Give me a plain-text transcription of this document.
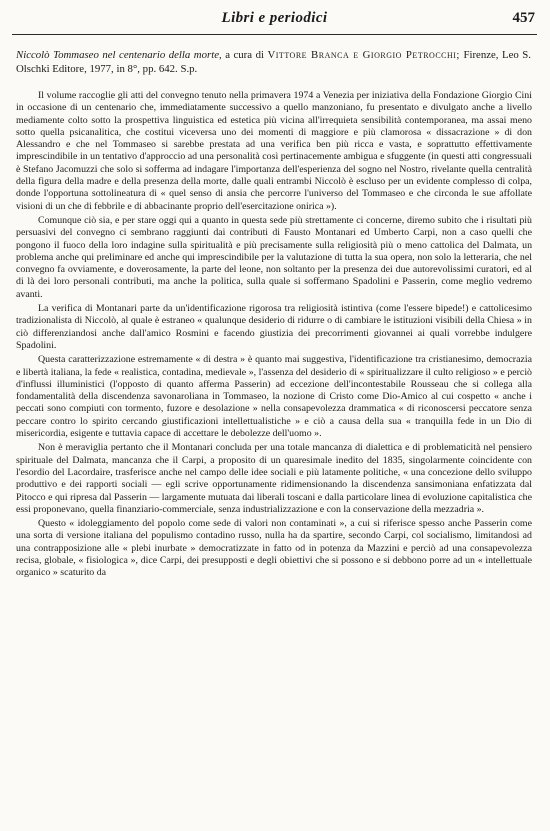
Libri e periodici	457
Niccolò Tommaseo nel centenario della morte, a cura di Vittore Branca e Giorgio Petrocchi; Firenze, Leo S. Olschki Editore, 1977, in 8°, pp. 642. S.p.

Il volume raccoglie gli atti del convegno tenuto nella primavera 1974 a Venezia per iniziativa della Fondazione Giorgio Cini in occasione di un centenario che, immediatamente successivo a quello manzoniano, fu presentato e divulgato anche a livello mediamente colto sotto la prospettiva linguistica ed estetica più vicina all'irrequieta sensibilità contemporanea, ma assai meno sotto quella psicanalitica, che costitui viceversa uno dei momenti di maggiore e più clamorosa « dissacrazione » di don Alessandro e che nel Tommaseo si sarebbe prestata ad una verifica ben più ricca e vasta, e soprattutto effettivamente imprescindibile in un tentativo d'approccio ad una personalità così pertinacemente ambigua e sfuggente (in questi atti congressuali è Stefano Jacomuzzi che solo si sofferma ad indagare l'importanza dell'esperienza del sogno nel Nostro, rivelante quella centralità della figura della madre e della presenza della morte, dalle quali entrambi Niccolò è escluso per un evidente complesso di colpa, donde l'opportuna sottolineatura di « quel senso di ansia che percorre l'universo del Tommaseo e che circonda le sue affollate visioni di un che di febbrile e di abbacinante proprio dell'esercitazione onirica »).

Comunque ciò sia, e per stare oggi qui a quanto in questa sede più strettamente ci concerne, diremo subito che i risultati più persuasivi del convegno ci sembrano raggiunti dai contributi di Fausto Montanari ed Umberto Carpi, non a caso quelli che pongono il fuoco della loro indagine sulla spiritualità e più precisamente sulla religiosità più o meno cattolica del Dalmata, un problema anche qui preliminare ed anche qui imprescindibile per la valutazione di tutta la sua opera, non solo la letteraria, che nel convegno fa ovviamente, e doverosamente, la parte del leone, non soltanto per la presenza dei due autorevolissimi curatori, ed al di là dei loro personali contributi, ma anche la politica, sulla quale si soffermano Spadolini e Passerin, come meglio vedremo avanti.

La verifica di Montanari parte da un'identificazione rigorosa tra religiosità istintiva (come l'essere bipede!) e cattolicesimo tradizionalista di Niccolò, al quale è estraneo « qualunque desiderio di ridurre o di cambiare le istituzioni visibili della Chiesa » in ciò differenziandosi anche dall'amico Rosmini e facendo giustizia dei precorrimenti giovannei ai quali vorrebbe indulgere Spadolini.

Questa caratterizzazione estremamente « di destra » è quanto mai suggestiva, l'identificazione tra cristianesimo, democrazia e libertà italiana, la fede « realistica, contadina, medievale », l'assenza del desiderio di « spiritualizzare il culto religioso » e perciò d'influssi illuministici (l'opposto di quanto afferma Passerin) ad eccezione dell'incontestabile Rousseau che si collega alla fondamentalità della discendenza savonaroliana in Tommaseo, la nozione di Cristo come Dio-Amico al cui cospetto « anche i peccati sono compiuti con tormento, fuzore e desolazione » nella consapevolezza drammatica « di riconoscersi peccatore senza peccare contro lo spirito cercando giustificazioni intellettualistiche » e ciò a causa della sua « tranquilla fede in un Dio di misericordia, esigente e tuttavia capace di accettare le debolezze dell'uomo ».

Non è meraviglia pertanto che il Montanari concluda per una totale mancanza di dialettica e di problematicità nel pensiero spirituale del Dalmata, mancanza che il Carpi, a proposito di un quaresimale inedito del 1835, singolarmente coincidente con l'esordio del Lacordaire, trasferisce anche nel campo delle idee sociali e più latamente politiche, « una concezione dello sviluppo produttivo e dei rapporti sociali — egli scrive opportunamente ridimensionando la discendenza sansimoniana enfatizzata dal Pitocco e qui ripresa dal Passerin — largamente mutuata dai liberali toscani e dalla particolare linea di evoluzione capitalistica che essi proponevano, quella finanziario-commerciale, senza industrializzazione e con la conservazione della mezzadria ».

Questo « idoleggiamento del popolo come sede di valori non contaminati », a cui si riferisce spesso anche Passerin come una sorta di versione italiana del populismo contadino russo, nulla ha da spartire, secondo Carpi, col socialismo, limitandosi ad una contrapposizione alle « plebi inurbate » democratizzate in fatto od in potenza da Mazzini e perciò ad una consapevolezza recisa, globale, « fisiologica », dice Carpi, dei presupposti e degli obiettivi che si possono e si debbono porre ad un « intellettuale organico » scaturito da
